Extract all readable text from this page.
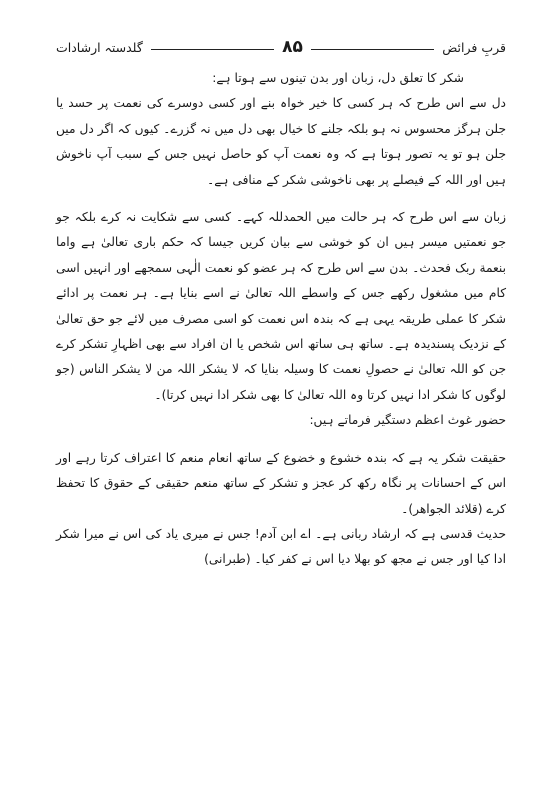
قربِ فرائض
۸۵
گلدستہ ارشادات

شکر کا تعلق دل، زبان اور بدن تینوں سے ہوتا ہے:

دل سے اس طرح کہ ہر کسی کا خیر خواہ بنے اور کسی دوسرے کی نعمت پر حسد یا جلن ہرگز محسوس نہ ہو بلکہ جلنے کا خیال بھی دل میں نہ گزرے۔ کیوں کہ اگر دل میں جلن ہو تو یہ تصور ہوتا ہے کہ وہ نعمت آپ کو حاصل نہیں جس کے سبب آپ ناخوش ہیں اور اللہ کے فیصلے پر بھی ناخوشی شکر کے منافی ہے۔

زبان سے اس طرح کہ ہر حالت میں الحمدللہ کہے۔ کسی سے شکایت نہ کرے بلکہ جو جو نعمتیں میسر ہیں ان کو خوشی سے بیان کریں جیسا کہ حکم باری تعالیٰ ہے واما بنعمة ربک فحدث۔ بدن سے اس طرح کہ ہر عضو کو نعمت الٰہی سمجھے اور انہیں اسی کام میں مشغول رکھے جس کے واسطے اللہ تعالیٰ نے اسے بنایا ہے۔ ہر نعمت پر ادائے شکر کا عملی طریقہ یہی ہے کہ بندہ اس نعمت کو اسی مصرف میں لائے جو حق تعالیٰ کے نزدیک پسندیدہ ہے۔ ساتھ ہی ساتھ اس شخص یا ان افراد سے بھی اظہارِ تشکر کرے جن کو اللہ تعالیٰ نے حصولِ نعمت کا وسیلہ بنایا کہ لا یشکر اللہ من لا یشکر الناس (جو لوگوں کا شکر ادا نہیں کرتا وہ اللہ تعالیٰ کا بھی شکر ادا نہیں کرتا)۔

حضور غوث اعظم دستگیر فرماتے ہیں:

حقیقت شکر یہ ہے کہ بندہ خشوع و خضوع کے ساتھ انعام منعم کا اعتراف کرتا رہے اور اس کے احسانات پر نگاہ رکھ کر عجز و تشکر کے ساتھ منعم حقیقی کے حقوق کا تحفظ کرے (قلائد الجواھر)۔

حدیث قدسی ہے کہ ارشاد ربانی ہے۔ اے ابن آدم! جس نے میری یاد کی اس نے میرا شکر ادا کیا اور جس نے مجھ کو بھلا دیا اس نے کفر کیا۔ (طبرانی)
